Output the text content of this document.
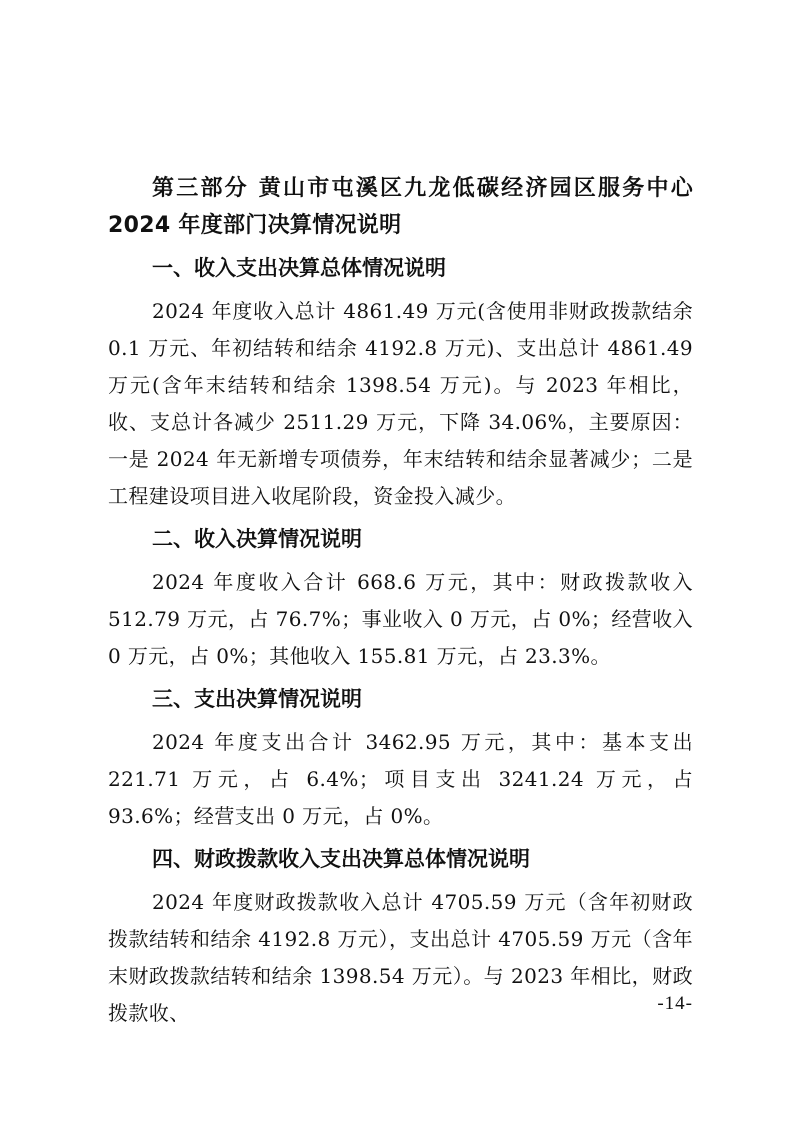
第三部分 黄山市屯溪区九龙低碳经济园区服务中心 2024 年度部门决算情况说明
一、收入支出决算总体情况说明
2024 年度收入总计 4861.49 万元(含使用非财政拨款结余 0.1 万元、年初结转和结余 4192.8 万元)、支出总计 4861.49 万元(含年末结转和结余 1398.54 万元)。与 2023 年相比，收、支总计各减少 2511.29 万元，下降 34.06%，主要原因：一是 2024 年无新增专项债券，年末结转和结余显著减少；二是工程建设项目进入收尾阶段，资金投入减少。
二、收入决算情况说明
2024 年度收入合计 668.6 万元，其中：财政拨款收入 512.79 万元，占 76.7%；事业收入 0 万元，占 0%；经营收入 0 万元，占 0%；其他收入 155.81 万元，占 23.3%。
三、支出决算情况说明
2024 年度支出合计 3462.95 万元，其中：基本支出 221.71 万元，占 6.4%；项目支出 3241.24 万元，占 93.6%；经营支出 0 万元，占 0%。
四、财政拨款收入支出决算总体情况说明
2024 年度财政拨款收入总计 4705.59 万元（含年初财政拨款结转和结余 4192.8 万元），支出总计 4705.59 万元（含年末财政拨款结转和结余 1398.54 万元）。与 2023 年相比，财政拨款收、	-14-
